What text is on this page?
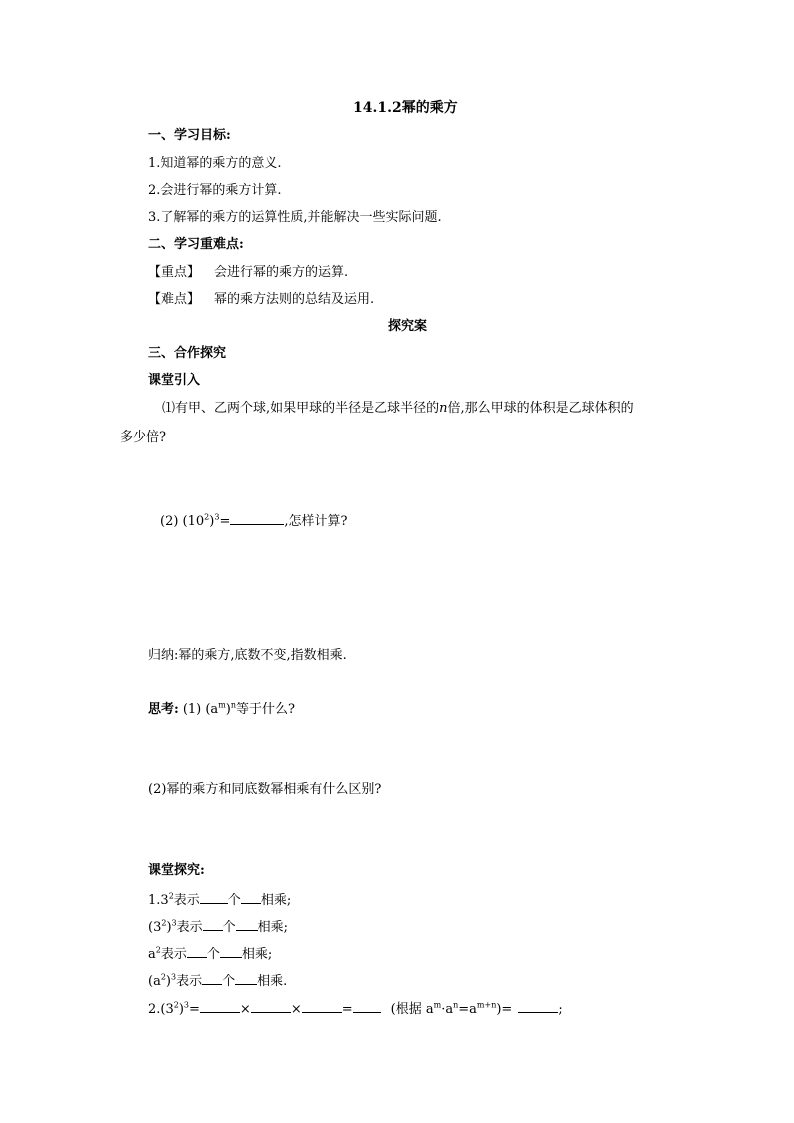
14.1.2幂的乘方
一、学习目标:
1.知道幂的乘方的意义.
2.会进行幂的乘方计算.
3.了解幂的乘方的运算性质,并能解决一些实际问题.
二、学习重难点:
【重点】 会进行幂的乘方的运算.
【难点】 幂的乘方法则的总结及运用.
探究案
三、合作探究
课堂引入
⑴有甲、乙两个球,如果甲球的半径是乙球半径的n倍,那么甲球的体积是乙球体积的
多少倍?
(2) $(10^2)^3=$	,怎样计算?
归纳:幂的乘方,底数不变,指数相乘.
思考: (1) $(a^m)^n$等于什么?
(2)幂的乘方和同底数幂相乘有什么区别?
课堂探究:
$1.3^2$表示 个 相乘;
$(3^2)^3$表示 个 相乘;
$a^2$表示 个 相乘;
$(a^2)^3$表示 个 相乘.
$2.(3^2)^3=$	×	×	=	(根据 $a^m\cdot a^n=a^{m+n})=$	;
